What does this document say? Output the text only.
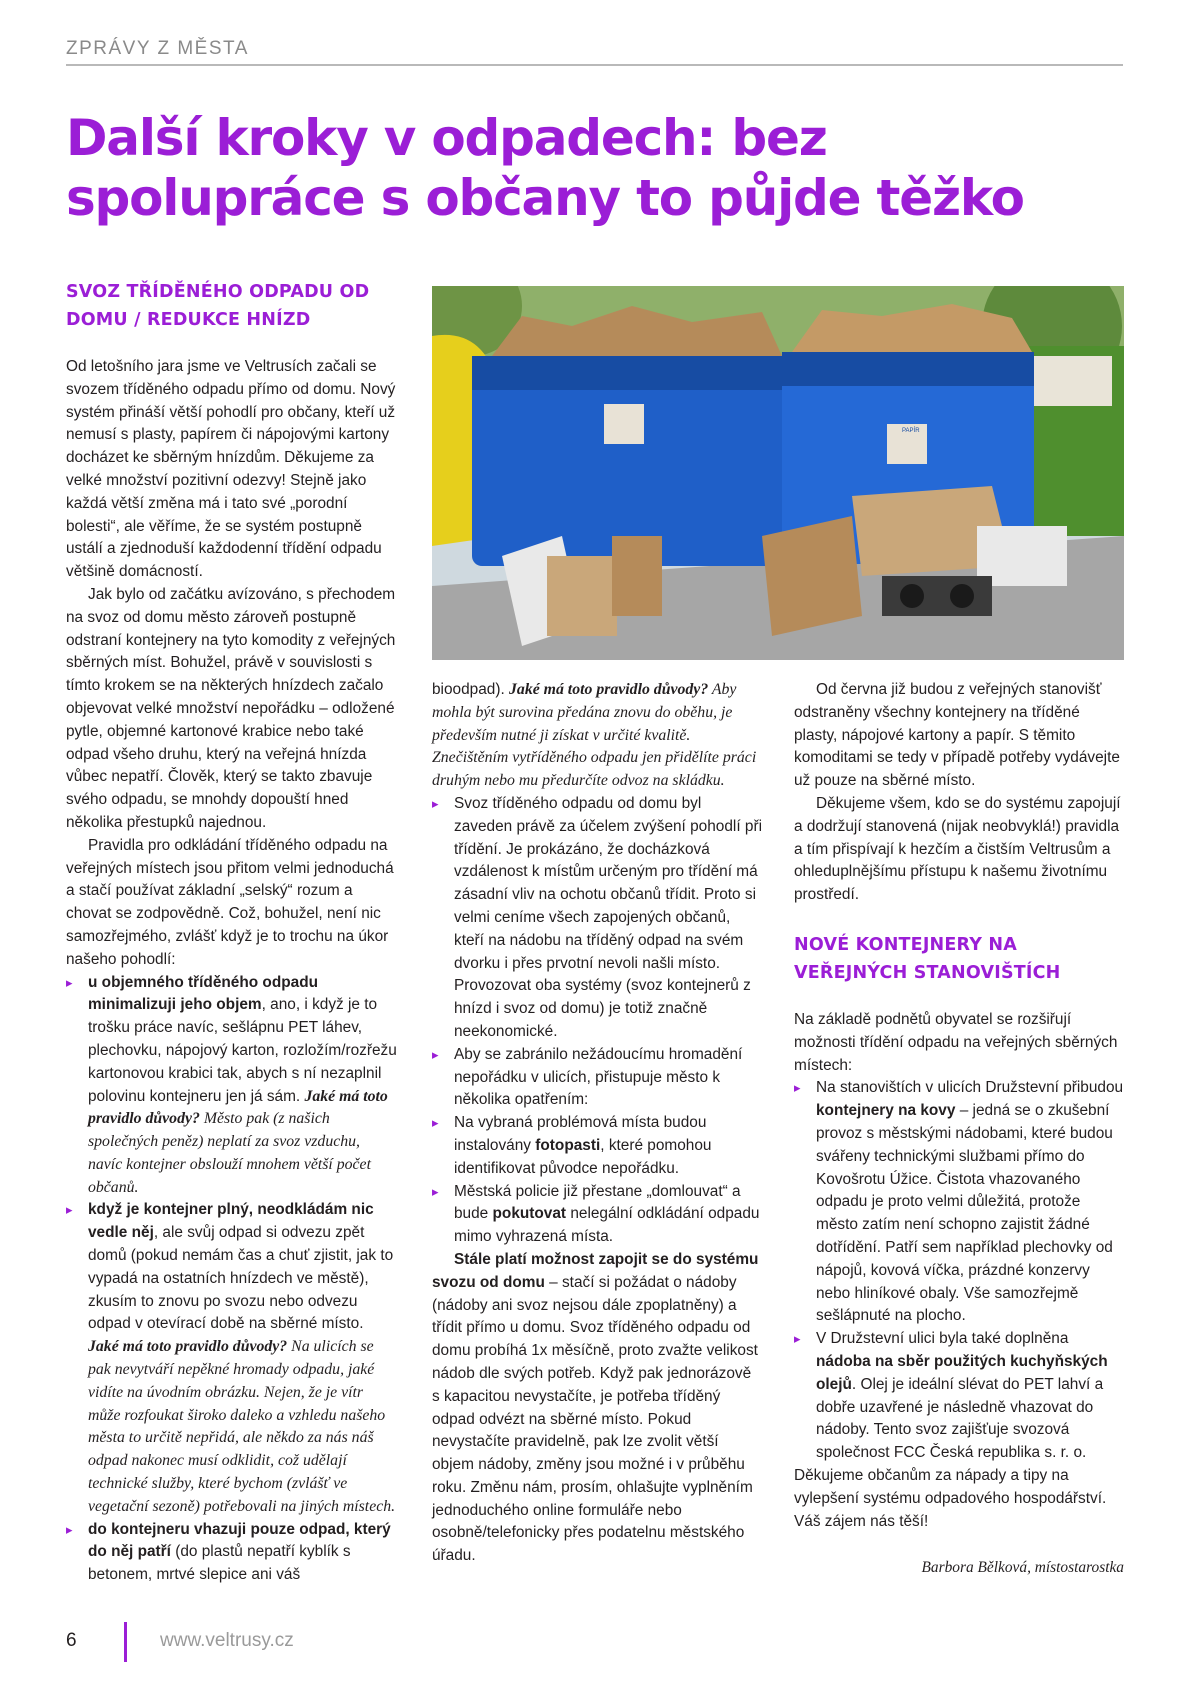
ZPRÁVY Z MĚSTA
Další kroky v odpadech: bez spolupráce s občany to půjde těžko
SVOZ TŘÍDĚNÉHO ODPADU OD DOMU / REDUKCE HNÍZD

Od letošního jara jsme ve Veltrusích začali se svozem tříděného odpadu přímo od domu. Nový systém přináší větší pohodlí pro občany, kteří už nemusí s plasty, papírem či nápojovými kartony docházet ke sběrným hnízdům. Děkujeme za velké množství pozitivní odezvy! Stejně jako každá větší změna má i tato své „porodní bolesti“, ale věříme, že se systém postupně ustálí a zjednoduší každodenní třídění odpadu většině domácností.

Jak bylo od začátku avízováno, s přechodem na svoz od domu město zároveň postupně odstraní kontejnery na tyto komodity z veřejných sběrných míst. Bohužel, právě v souvislosti s tímto krokem se na některých hnízdech začalo objevovat velké množství nepořádku – odložené pytle, objemné kartonové krabice nebo také odpad všeho druhu, který na veřejná hnízda vůbec nepatří. Člověk, který se takto zbavuje svého odpadu, se mnohdy dopouští hned několika přestupků najednou.

Pravidla pro odkládání tříděného odpadu na veřejných místech jsou přitom velmi jednoduchá a stačí používat základní „selský“ rozum a chovat se zodpovědně. Což, bohužel, není nic samozřejmého, zvlášť když je to trochu na úkor našeho pohodlí:

▸ u objemného tříděného odpadu minimalizuji jeho objem, ano, i když je to trošku práce navíc, sešlápnu PET láhev, plechovku, nápojový karton, rozložím/rozřežu kartonovou krabici tak, abych s ní nezaplnil polovinu kontejneru jen já sám. Jaké má toto pravidlo důvody? Město pak (z našich společných peněz) neplatí za svoz vzduchu, navíc kontejner obslouží mnohem větší počet občanů.
▸ když je kontejner plný, neodkládám nic vedle něj, ale svůj odpad si odvezu zpět domů (pokud nemám čas a chuť zjistit, jak to vypadá na ostatních hnízdech ve městě), zkusím to znovu po svozu nebo odvezu odpad v otevírací době na sběrné místo. Jaké má toto pravidlo důvody? Na ulicích se pak nevytváří nepěkné hromady odpadu, jaké vidíte na úvodním obrázku. Nejen, že je vítr může rozfoukat široko daleko a vzhledu našeho města to určitě nepřidá, ale někdo za nás náš odpad nakonec musí odklidit, což udělají technické služby, které bychom (zvlášť ve vegetační sezoně) potřebovali na jiných místech.
▸ do kontejneru vhazuji pouze odpad, který do něj patří (do plastů nepatří kyblík s betonem, mrtvé slepice ani váš
PAPÍR

bioodpad). Jaké má toto pravidlo důvody? Aby mohla být surovina předána znovu do oběhu, je především nutné ji získat v určité kvalitě. Znečištěním vytříděného odpadu jen přidělíte práci druhým nebo mu předurčíte odvoz na skládku.

▸ Svoz tříděného odpadu od domu byl zaveden právě za účelem zvýšení pohodlí při třídění. Je prokázáno, že docházková vzdálenost k místům určeným pro třídění má zásadní vliv na ochotu občanů třídit. Proto si velmi ceníme všech zapojených občanů, kteří na nádobu na tříděný odpad na svém dvorku i přes prvotní nevoli našli místo. Provozovat oba systémy (svoz kontejnerů z hnízd i svoz od domu) je totiž značně neekonomické.
▸ Aby se zabránilo nežádoucímu hromadění nepořádku v ulicích, přistupuje město k několika opatřením:
▸ Na vybraná problémová místa budou instalovány fotopasti, které pomohou identifikovat původce nepořádku.
▸ Městská policie již přestane „domlouvat“ a bude pokutovat nelegální odkládání odpadu mimo vyhrazená místa.

Stále platí možnost zapojit se do systému svozu od domu – stačí si požádat o nádoby (nádoby ani svoz nejsou dále zpoplatněny) a třídit přímo u domu. Svoz tříděného odpadu od domu probíhá 1x měsíčně, proto zvažte velikost nádob dle svých potřeb. Když pak jednorázově s kapacitou nevystačíte, je potřeba tříděný odpad odvézt na sběrné místo. Pokud nevystačíte pravidelně, pak lze zvolit větší objem nádoby, změny jsou možné i v průběhu roku. Změnu nám, prosím, ohlašujte vyplněním jednoduchého online formuláře nebo osobně/telefonicky přes podatelnu městského úřadu.

Od června již budou z veřejných stanovišť odstraněny všechny kontejnery na tříděné plasty, nápojové kartony a papír. S těmito komoditami se tedy v případě potřeby vydávejte už pouze na sběrné místo.

Děkujeme všem, kdo se do systému zapojují a dodržují stanovená (nijak neobvyklá!) pravidla a tím přispívají k hezčím a čistším Veltrusům a ohleduplnějšímu přístupu k našemu životnímu prostředí.

NOVÉ KONTEJNERY NA VEŘEJNÝCH STANOVIŠTÍCH

Na základě podnětů obyvatel se rozšiřují možnosti třídění odpadu na veřejných sběrných místech:

▸ Na stanovištích v ulicích Družstevní přibudou kontejnery na kovy – jedná se o zkušební provoz s městskými nádobami, které budou svářeny technickými službami přímo do Kovošrotu Úžice. Čistota vhazovaného odpadu je proto velmi důležitá, protože město zatím není schopno zajistit žádné dotřídění. Patří sem například plechovky od nápojů, kovová víčka, prázdné konzervy nebo hliníkové obaly. Vše samozřejmě sešlápnuté na plocho.
▸ V Družstevní ulici byla také doplněna nádoba na sběr použitých kuchyňských olejů. Olej je ideální slévat do PET lahví a dobře uzavřené je následně vhazovat do nádoby. Tento svoz zajišťuje svozová společnost FCC Česká republika s. r. o.

Děkujeme občanům za nápady a tipy na vylepšení systému odpadového hospodářství. Váš zájem nás těší!

Barbora Bělková, místostarostka

6	www.veltrusy.cz
